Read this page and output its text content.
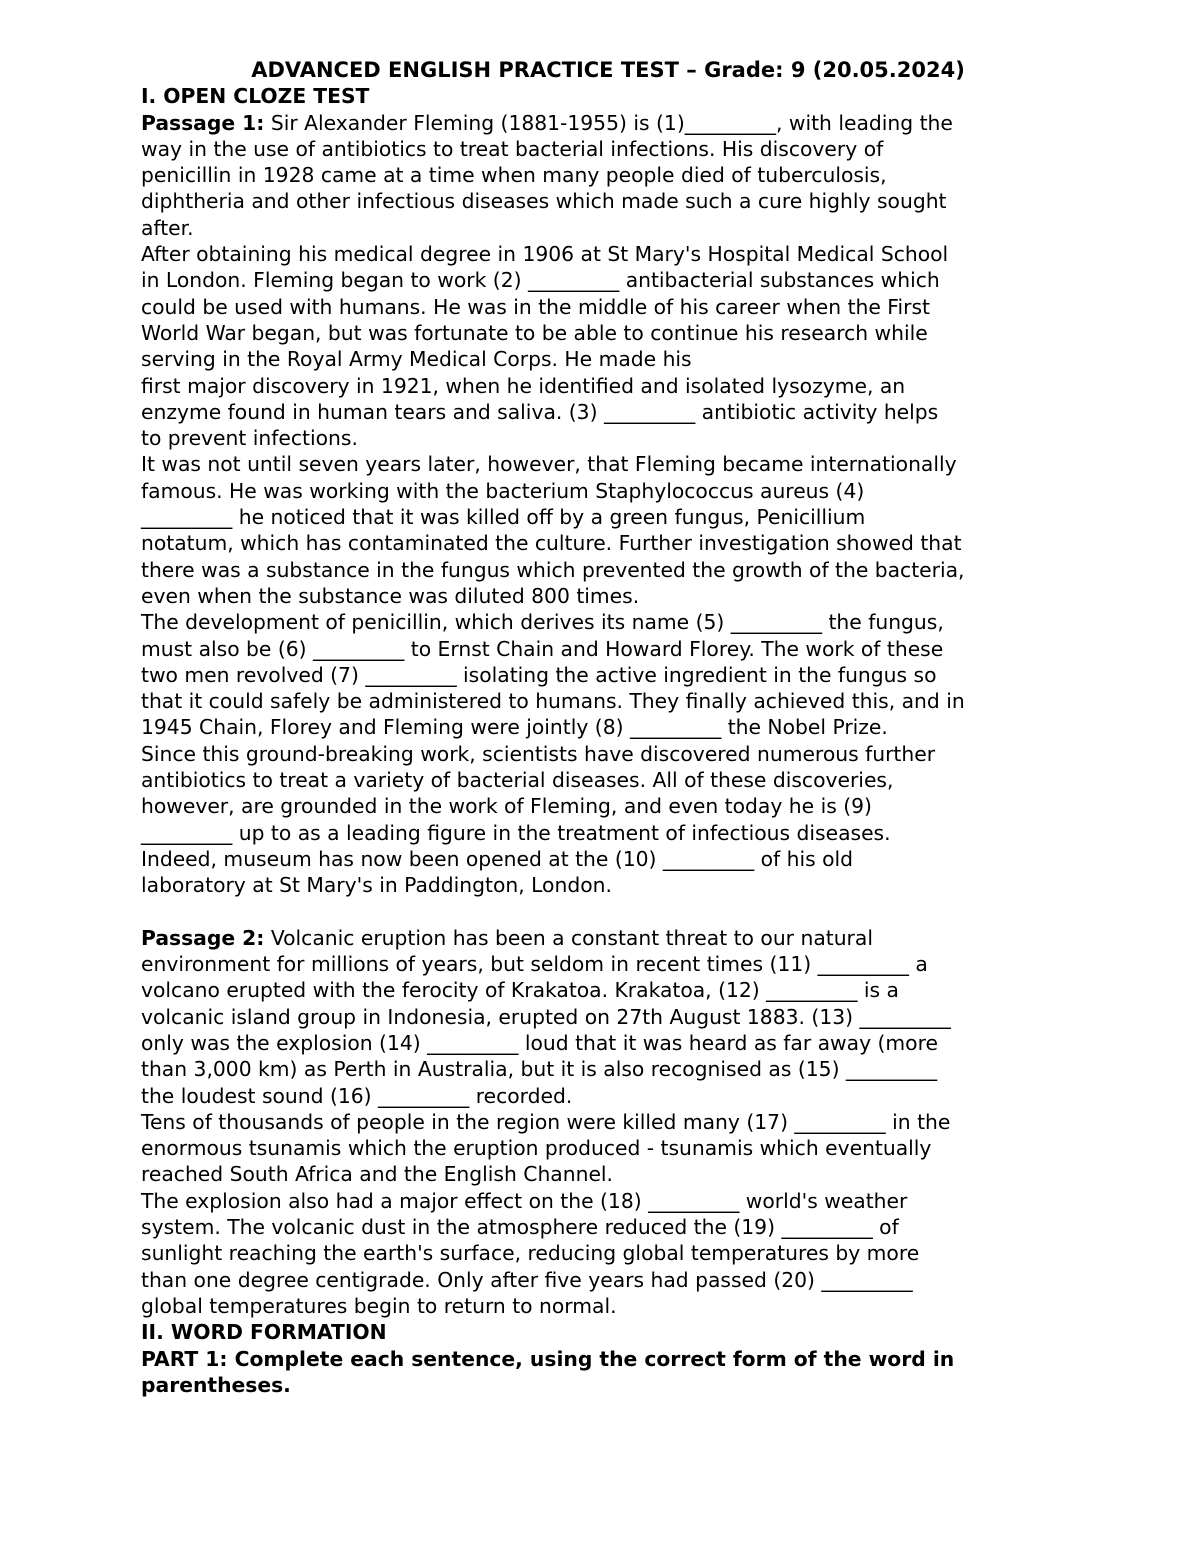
ADVANCED ENGLISH PRACTICE TEST – Grade: 9 (20.05.2024)
I. OPEN CLOZE TEST
Passage 1: Sir Alexander Fleming (1881-1955) is (1)_________, with leading the
way in the use of antibiotics to treat bacterial infections. His discovery of
penicillin in 1928 came at a time when many people died of tuberculosis,
diphtheria and other infectious diseases which made such a cure highly sought
after.
After obtaining his medical degree in 1906 at St Mary's Hospital Medical School
in London. Fleming began to work (2) _________ antibacterial substances which
could be used with humans. He was in the middle of his career when the First
World War began, but was fortunate to be able to continue his research while
serving in the Royal Army Medical Corps. He made his
first major discovery in 1921, when he identified and isolated lysozyme, an
enzyme found in human tears and saliva. (3) _________ antibiotic activity helps
to prevent infections.
It was not until seven years later, however, that Fleming became internationally
famous. He was working with the bacterium Staphylococcus aureus (4)
_________ he noticed that it was killed off by a green fungus, Penicillium
notatum, which has contaminated the culture. Further investigation showed that
there was a substance in the fungus which prevented the growth of the bacteria,
even when the substance was diluted 800 times.
The development of penicillin, which derives its name (5) _________ the fungus,
must also be (6) _________ to Ernst Chain and Howard Florey. The work of these
two men revolved (7) _________ isolating the active ingredient in the fungus so
that it could safely be administered to humans. They finally achieved this, and in
1945 Chain, Florey and Fleming were jointly (8) _________ the Nobel Prize.
Since this ground-breaking work, scientists have discovered numerous further
antibiotics to treat a variety of bacterial diseases. All of these discoveries,
however, are grounded in the work of Fleming, and even today he is (9)
_________ up to as a leading figure in the treatment of infectious diseases.
Indeed, museum has now been opened at the (10) _________ of his old
laboratory at St Mary's in Paddington, London.
Passage 2: Volcanic eruption has been a constant threat to our natural
environment for millions of years, but seldom in recent times (11) _________ a
volcano erupted with the ferocity of Krakatoa. Krakatoa, (12) _________ is a
volcanic island group in Indonesia, erupted on 27th August 1883. (13) _________
only was the explosion (14) _________ loud that it was heard as far away (more
than 3,000 km) as Perth in Australia, but it is also recognised as (15) _________
the loudest sound (16) _________ recorded.
Tens of thousands of people in the region were killed many (17) _________ in the
enormous tsunamis which the eruption produced - tsunamis which eventually
reached South Africa and the English Channel.
The explosion also had a major effect on the (18) _________ world's weather
system. The volcanic dust in the atmosphere reduced the (19) _________ of
sunlight reaching the earth's surface, reducing global temperatures by more
than one degree centigrade. Only after five years had passed (20) _________
global temperatures begin to return to normal.
II. WORD FORMATION
PART 1: Complete each sentence, using the correct form of the word in
parentheses.
